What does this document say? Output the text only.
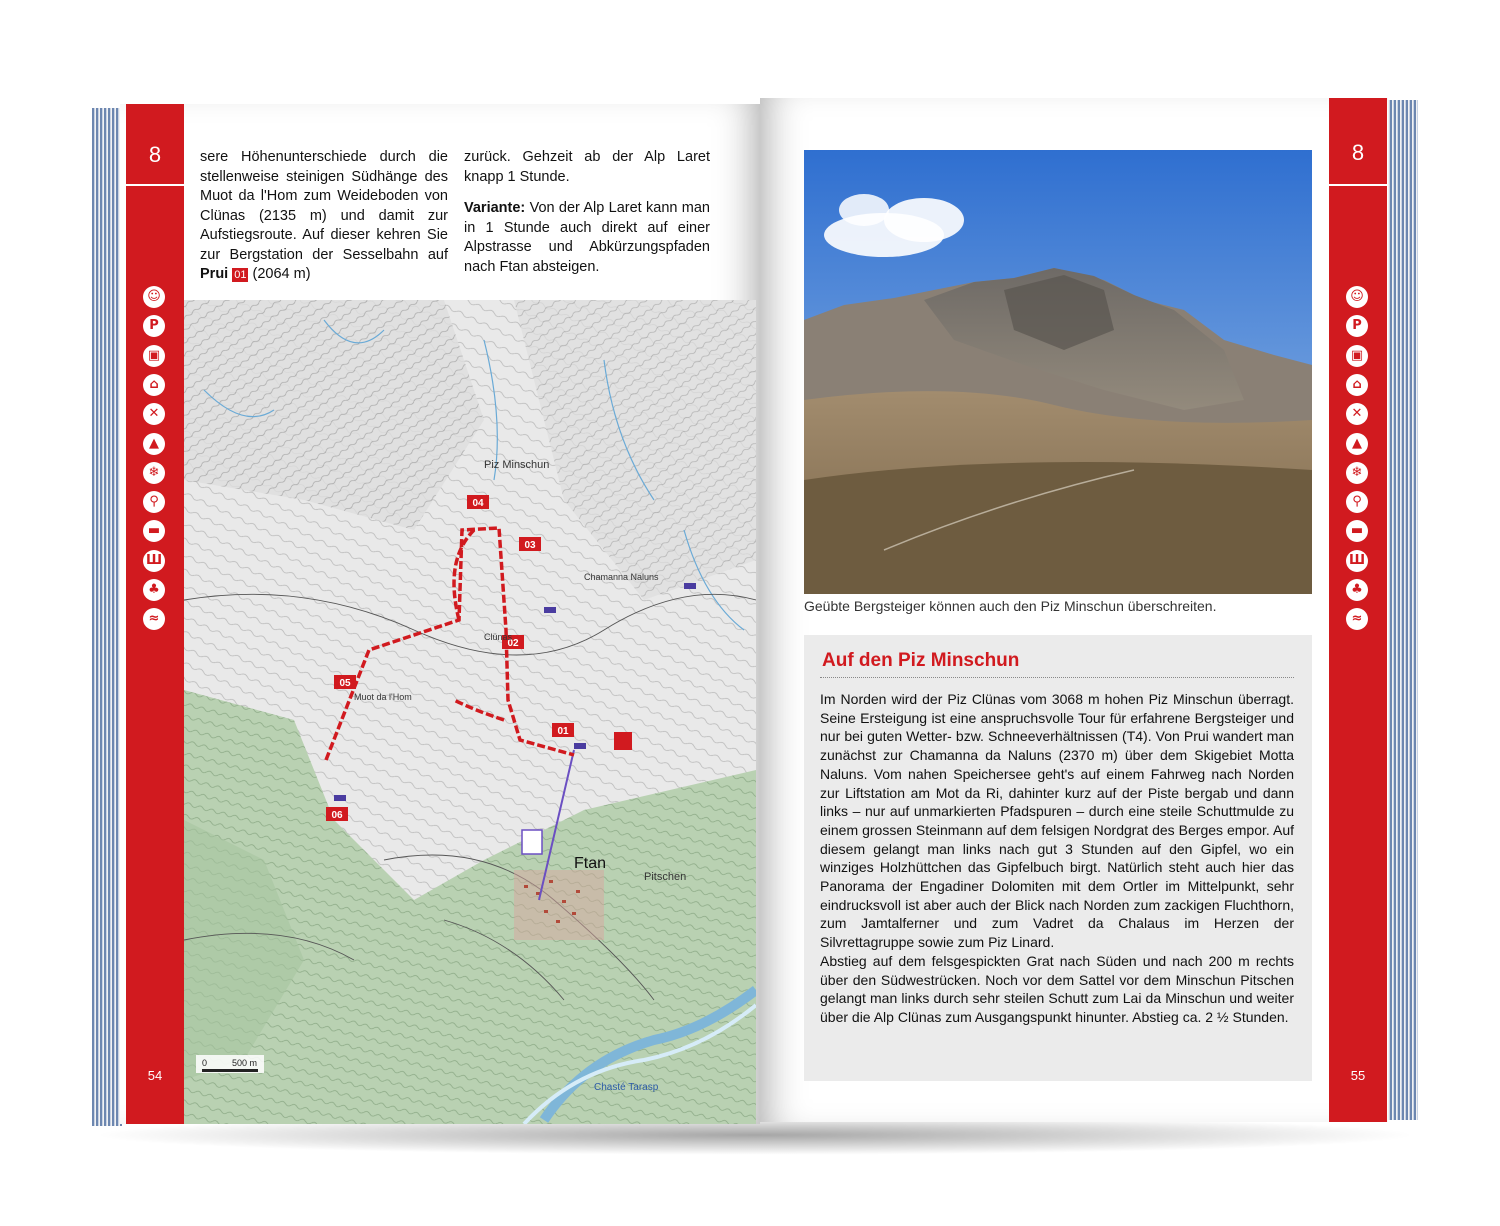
8
☺
P
▣
⌂
✕
▲
❄
⚲
▬
Ш
♣
≈
54

sere Höhenunterschiede durch die stellenweise steinigen Südhänge des Muot da l'Hom zum Weideboden von Clünas (2135 m) und damit zur Aufstiegsroute. Auf dieser kehren Sie zur Bergstation der Sesselbahn auf Prui 01 (2064 m)

zurück. Gehzeit ab der Alp Laret knapp 1 Stunde.

Variante: Von der Alp Laret kann man in 1 Stunde auch direkt auf einer Alpstrasse und Abkürzungspfaden nach Ftan absteigen.

04
03
02
01
05
06
Piz Minschun
Chamanna Naluns
Clünas
Muot da l'Hom
Ftan
Pitschen
Chasté Tarasp
0	500 m
Geübte Bergsteiger können auch den Piz Minschun überschreiten.
Auf den Piz Minschun
Im Norden wird der Piz Clünas vom 3068 m hohen Piz Minschun überragt. Seine Ersteigung ist eine anspruchsvolle Tour für erfahrene Bergsteiger und nur bei guten Wetter- bzw. Schneeverhältnissen (T4). Von Prui wandert man zunächst zur Chamanna da Naluns (2370 m) über dem Skigebiet Motta Naluns. Vom nahen Speichersee geht's auf einem Fahrweg nach Norden zur Liftstation am Mot da Ri, dahinter kurz auf der Piste bergab und dann links – nur auf unmarkierten Pfadspuren – durch eine steile Schuttmulde zu einem grossen Steinmann auf dem felsigen Nordgrat des Berges empor. Auf diesem gelangt man links nach gut 3 Stunden auf den Gipfel, wo ein winziges Holzhüttchen das Gipfelbuch birgt. Natürlich steht auch hier das Panorama der Engadiner Dolomiten mit dem Ortler im Mittelpunkt, sehr eindrucksvoll ist aber auch der Blick nach Norden zum zackigen Fluchthorn, zum Jamtalferner und zum Vadret da Chalaus im Herzen der Silvrettagruppe sowie zum Piz Linard.
Abstieg auf dem felsgespickten Grat nach Süden und nach 200 m rechts über den Südwestrücken. Noch vor dem Sattel vor dem Minschun Pitschen gelangt man links durch sehr steilen Schutt zum Lai da Minschun und weiter über die Alp Clünas zum Ausgangspunkt hinunter. Abstieg ca. 2 ½ Stunden.
8
☺
P
▣
⌂
✕
▲
❄
⚲
▬
Ш
♣
≈
55
